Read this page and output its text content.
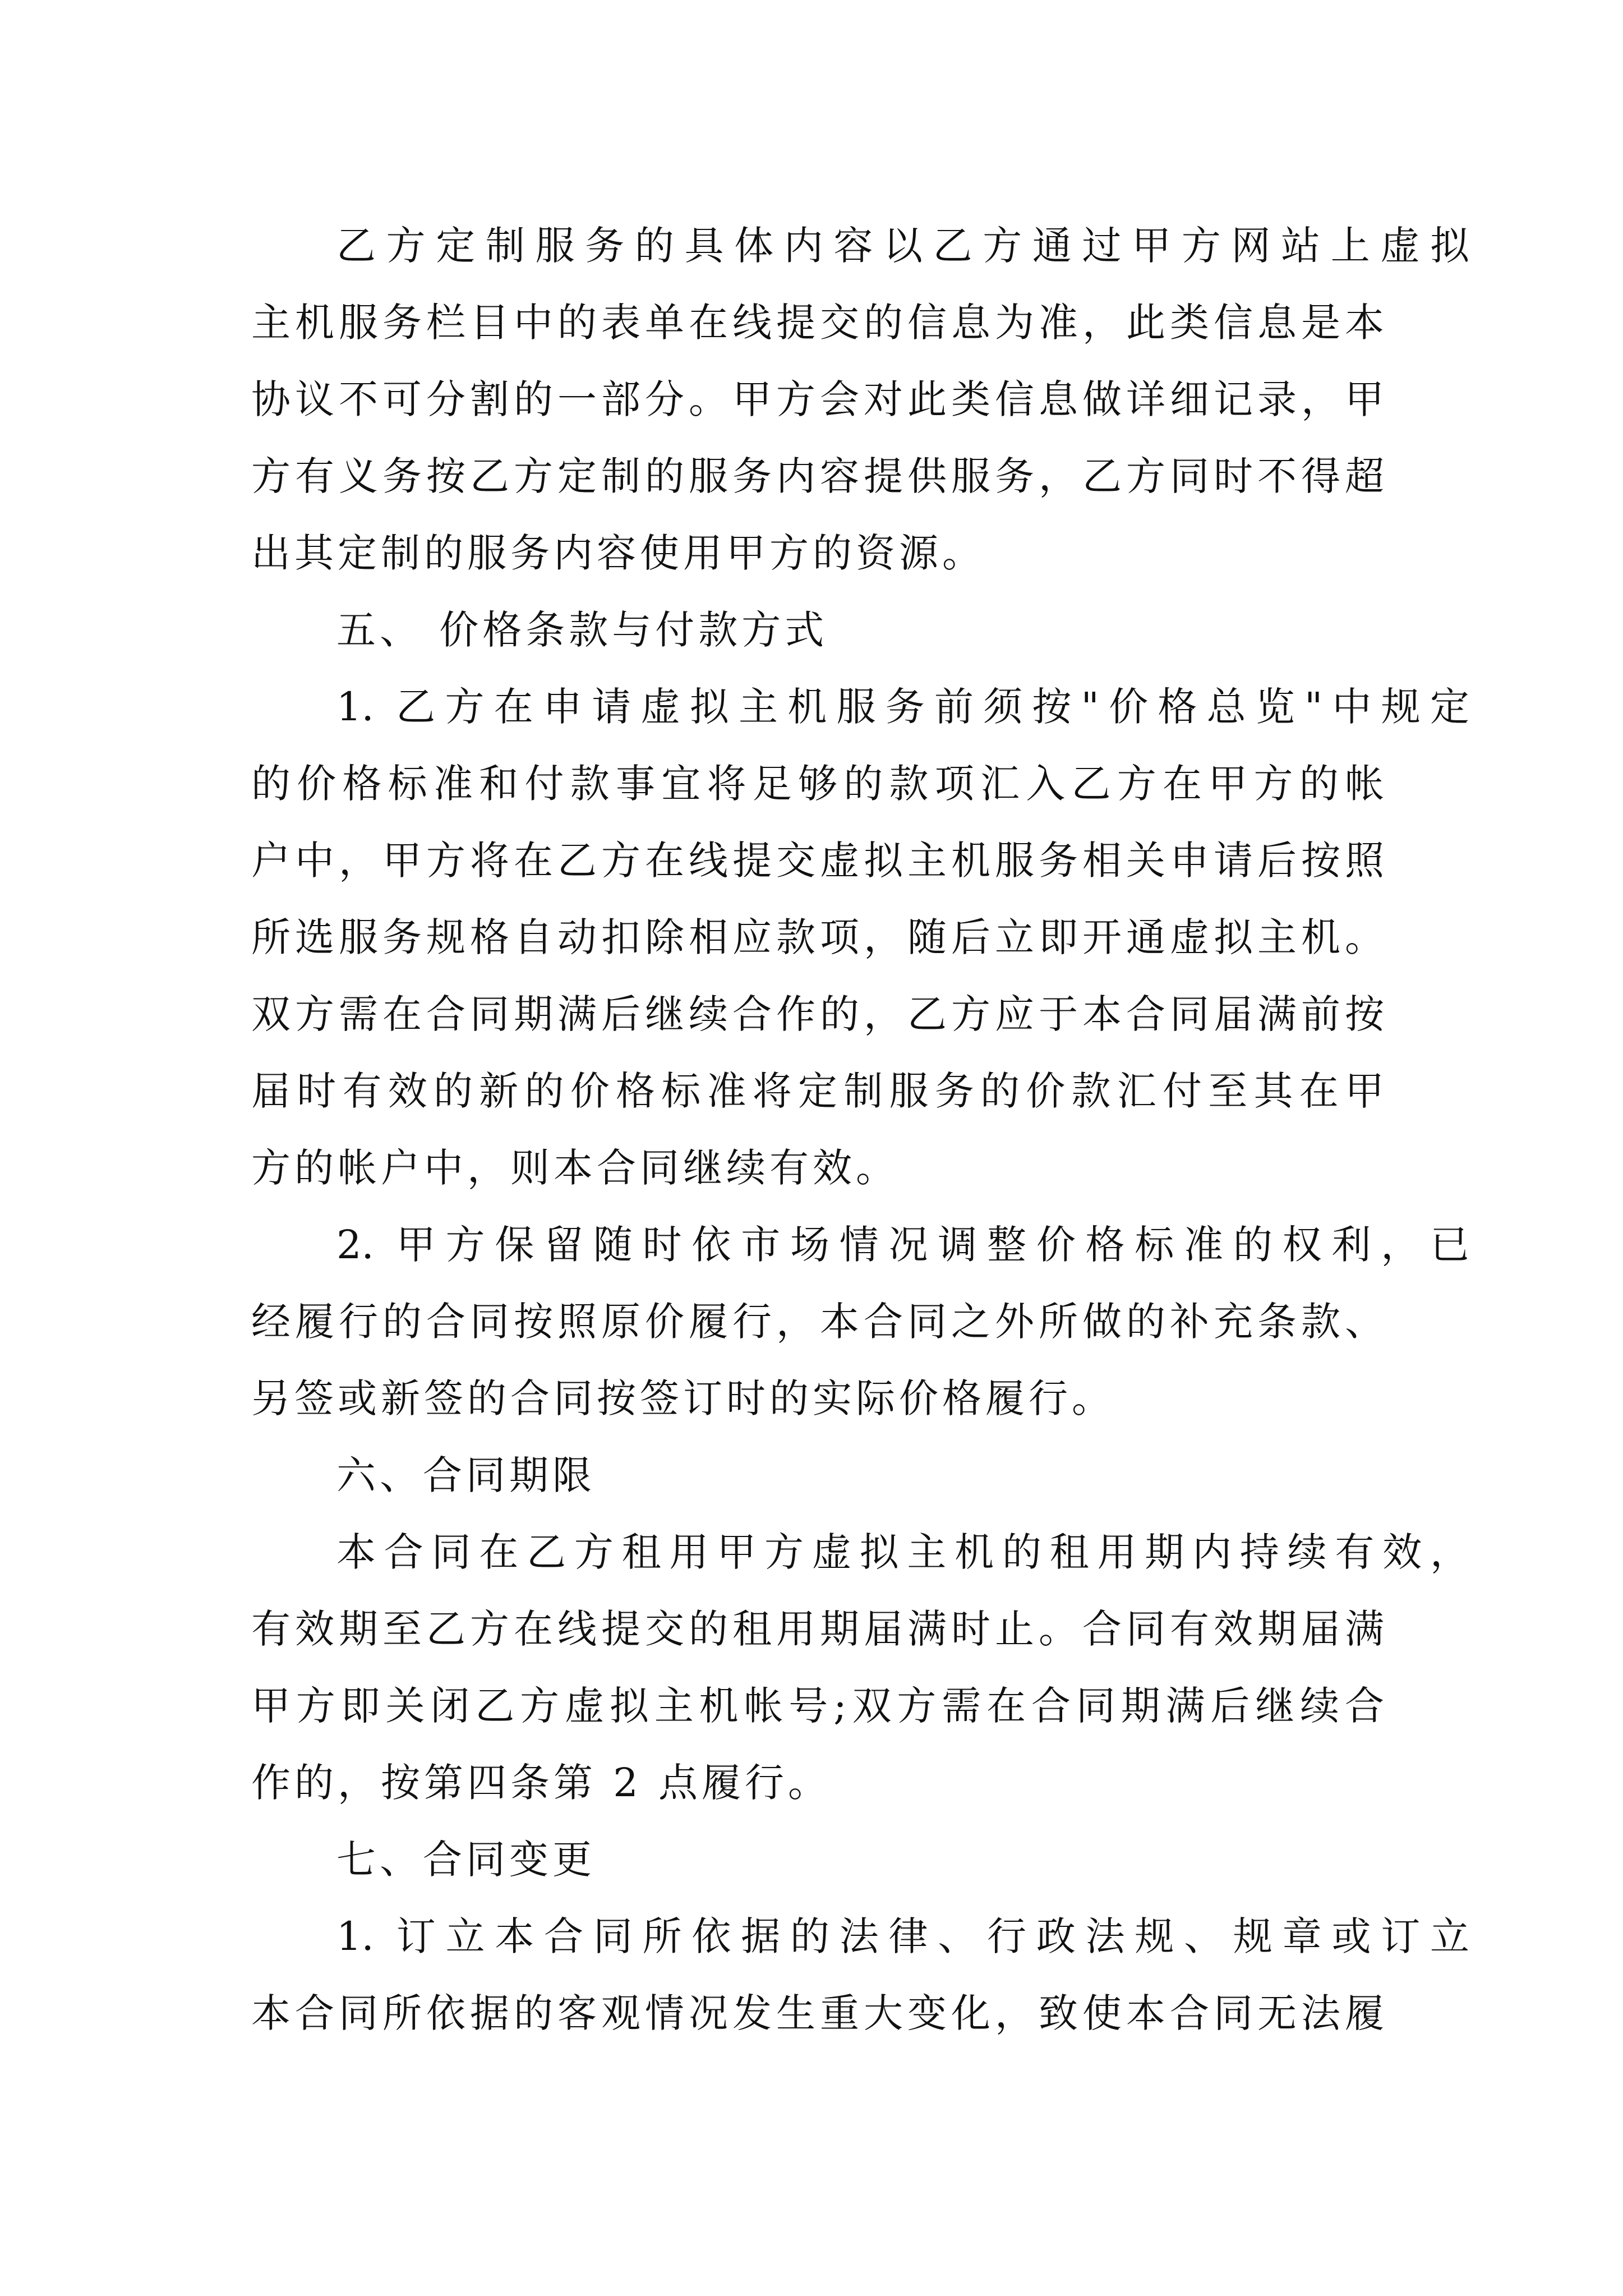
乙方定制服务的具体内容以乙方通过甲方网站上虚拟
主机服务栏目中的表单在线提交的信息为准，此类信息是本
协议不可分割的一部分。甲方会对此类信息做详细记录，甲
方有义务按乙方定制的服务内容提供服务，乙方同时不得超
出其定制的服务内容使用甲方的资源。
五、 价格条款与付款方式
1. 乙方在申请虚拟主机服务前须按"价格总览"中规定
的价格标准和付款事宜将足够的款项汇入乙方在甲方的帐
户中，甲方将在乙方在线提交虚拟主机服务相关申请后按照
所选服务规格自动扣除相应款项，随后立即开通虚拟主机。
双方需在合同期满后继续合作的，乙方应于本合同届满前按
届时有效的新的价格标准将定制服务的价款汇付至其在甲
方的帐户中，则本合同继续有效。
2. 甲方保留随时依市场情况调整价格标准的权利，已
经履行的合同按照原价履行，本合同之外所做的补充条款、
另签或新签的合同按签订时的实际价格履行。
六、合同期限
本合同在乙方租用甲方虚拟主机的租用期内持续有效，
有效期至乙方在线提交的租用期届满时止。合同有效期届满
甲方即关闭乙方虚拟主机帐号;双方需在合同期满后继续合
作的，按第四条第 2 点履行。
七、合同变更
1. 订立本合同所依据的法律、行政法规、规章或订立
本合同所依据的客观情况发生重大变化，致使本合同无法履
